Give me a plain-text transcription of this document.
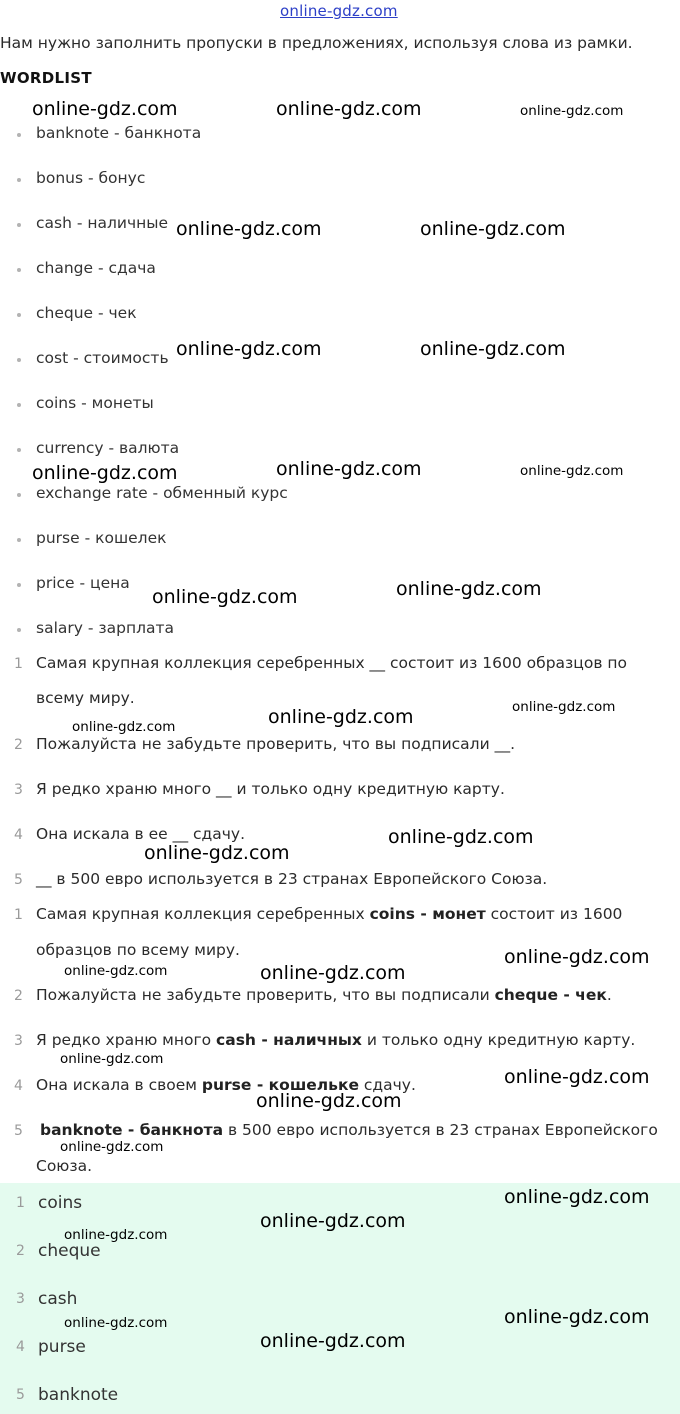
online-gdz.com

Нам нужно заполнить пропуски в предложениях, используя слова из рамки.

WORDLIST
banknote - банкнота
bonus - бонус
cash - наличные
change - сдача
cheque - чек
cost - стоимость
coins - монеты
currency - валюта
exchange rate - обменный курс
purse - кошелек
price - цена
salary - зарплата
1 Самая крупная коллекция серебренных __ состоит из 1600 образцов по
всему миру.
2 Пожалуйста не забудьте проверить, что вы подписали __.
3 Я редко храню много __ и только одну кредитную карту.
4 Она искала в ее __ сдачу.
5 __ в 500 евро используется в 23 странах Европейского Союза.
1 Самая крупная коллекция серебренных coins - монет состоит из 1600
образцов по всему миру.
2 Пожалуйста не забудьте проверить, что вы подписали cheque - чек.
3 Я редко храню много cash - наличных и только одну кредитную карту.
4 Она искала в своем purse - кошельке сдачу.
5 banknote - банкнота в 500 евро используется в 23 странах Европейского
Союза.
1 coins
2 cheque
3 cash
4 purse
5 banknote
online-gdz.com	online-gdz.com	online-gdz.com
online-gdz.com	online-gdz.com
online-gdz.com	online-gdz.com
online-gdz.com	online-gdz.com	online-gdz.com
online-gdz.com	online-gdz.com
online-gdz.com	online-gdz.com	online-gdz.com
online-gdz.com
online-gdz.com
online-gdz.com	online-gdz.com
online-gdz.com
online-gdz.com
online-gdz.com
online-gdz.com
online-gdz.com
online-gdz.com
online-gdz.com
online-gdz.com
online-gdz.com
online-gdz.com
online-gdz.com
